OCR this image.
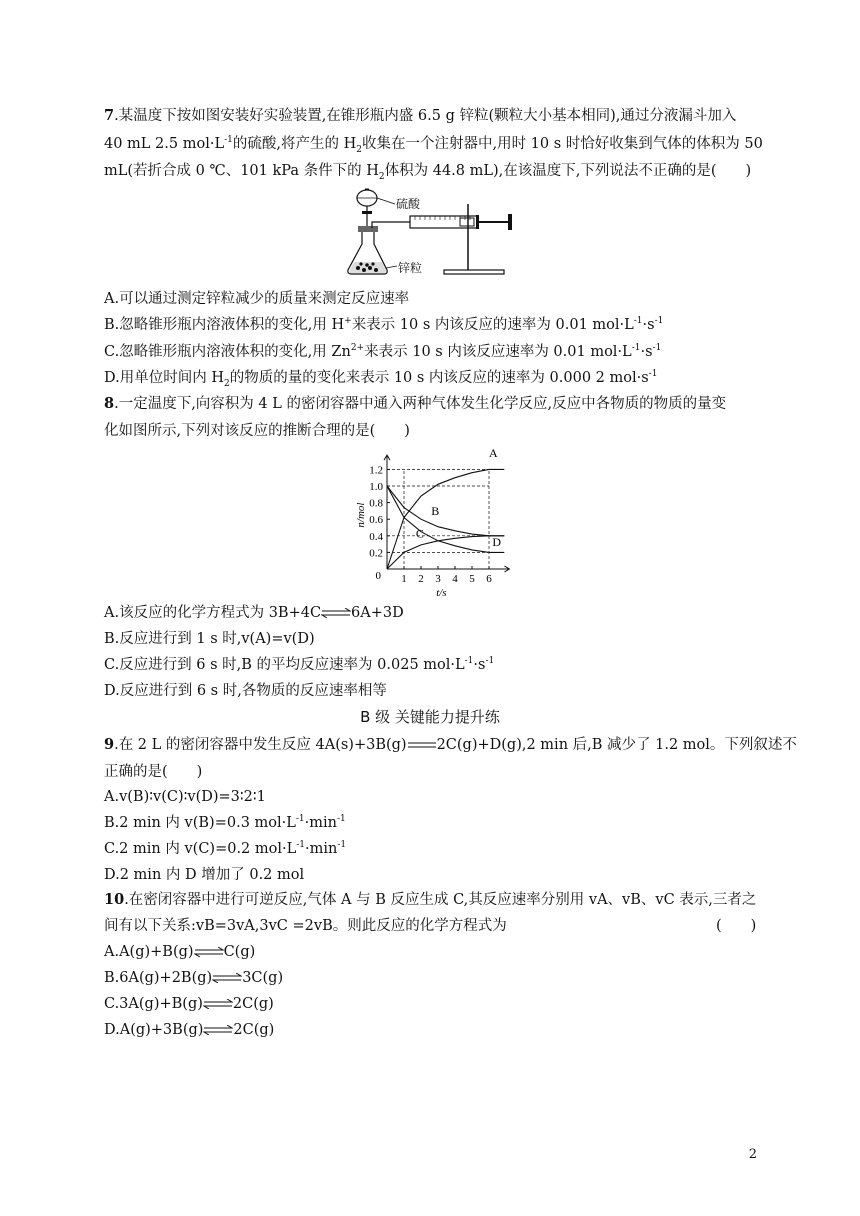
7.某温度下按如图安装好实验装置,在锥形瓶内盛 6.5 g 锌粒(颗粒大小基本相同),通过分液漏斗加入
40 mL 2.5 $mol\cdot L^{-1}$的硫酸,将产生的 $H_2$收集在一个注射器中,用时 10 s 时恰好收集到气体的体积为 50
mL(若折合成 0 ℃、101 kPa 条件下的 $H_2$体积为 44.8 mL),在该温度下,下列说法不正确的是(　　)
硫酸
锌粒
A.可以通过测定锌粒减少的质量来测定反应速率
B.忽略锥形瓶内溶液体积的变化,用 H+来表示 10 s 内该反应的速率为 0.01 $mol\cdot L^{-1}\cdot s^{-1}$
C.忽略锥形瓶内溶液体积的变化,用 $Zn^{2+}$来表示 10 s 内该反应速率为 0.01 $mol\cdot L^{-1}\cdot s^{-1}$
D.用单位时间内 $H_2$的物质的量的变化来表示 10 s 内该反应的速率为 0.000 2 $mol\cdot s^{-1}$
8.一定温度下,向容积为 4 L 的密闭容器中通入两种气体发生化学反应,反应中各物质的物质的量变
化如图所示,下列对该反应的推断合理的是(　　)
1 2 3 4 5 6
0.2
0.4
0.6
0.8
1.0
1.2
0
t/s
n/mol
A
B
C
D
A.该反应的化学方程式为 3B+4C⇌6A+3D
B.反应进行到 1 s 时,v(A)=v(D)
C.反应进行到 6 s 时,B 的平均反应速率为 0.025 $mol\cdot L^{-1}\cdot s^{-1}$
D.反应进行到 6 s 时,各物质的反应速率相等
B 级 关键能力提升练
9.在 2 L 的密闭容器中发生反应 4A(s)+3B(g) 2C(g)+D(g),2 min 后,B 减少了 1.2 mol。下列叙述不
正确的是(　　)
A.v(B)∶v(C)∶v(D)=3∶2∶1
B.2 min 内 v(B)=0.3 $mol\cdot L^{-1}\cdot\min^{-1}$
C.2 min 内 v(C)=0.2 $mol\cdot L^{-1}\cdot\min^{-1}$
D.2 min 内 D 增加了 0.2 mol
10.在密闭容器中进行可逆反应,气体 A 与 B 反应生成 C,其反应速率分别用 vA、vB、vC 表示,三者之
间有以下关系:vB=3vA,3vC =2vB。则此反应的化学方程式为	(　　)
A.A(g)+B(g) C(g)
B.6A(g)+2B(g) 3C(g)
C.3A(g)+B(g) 2C(g)
D.A(g)+3B(g) 2C(g)
2
